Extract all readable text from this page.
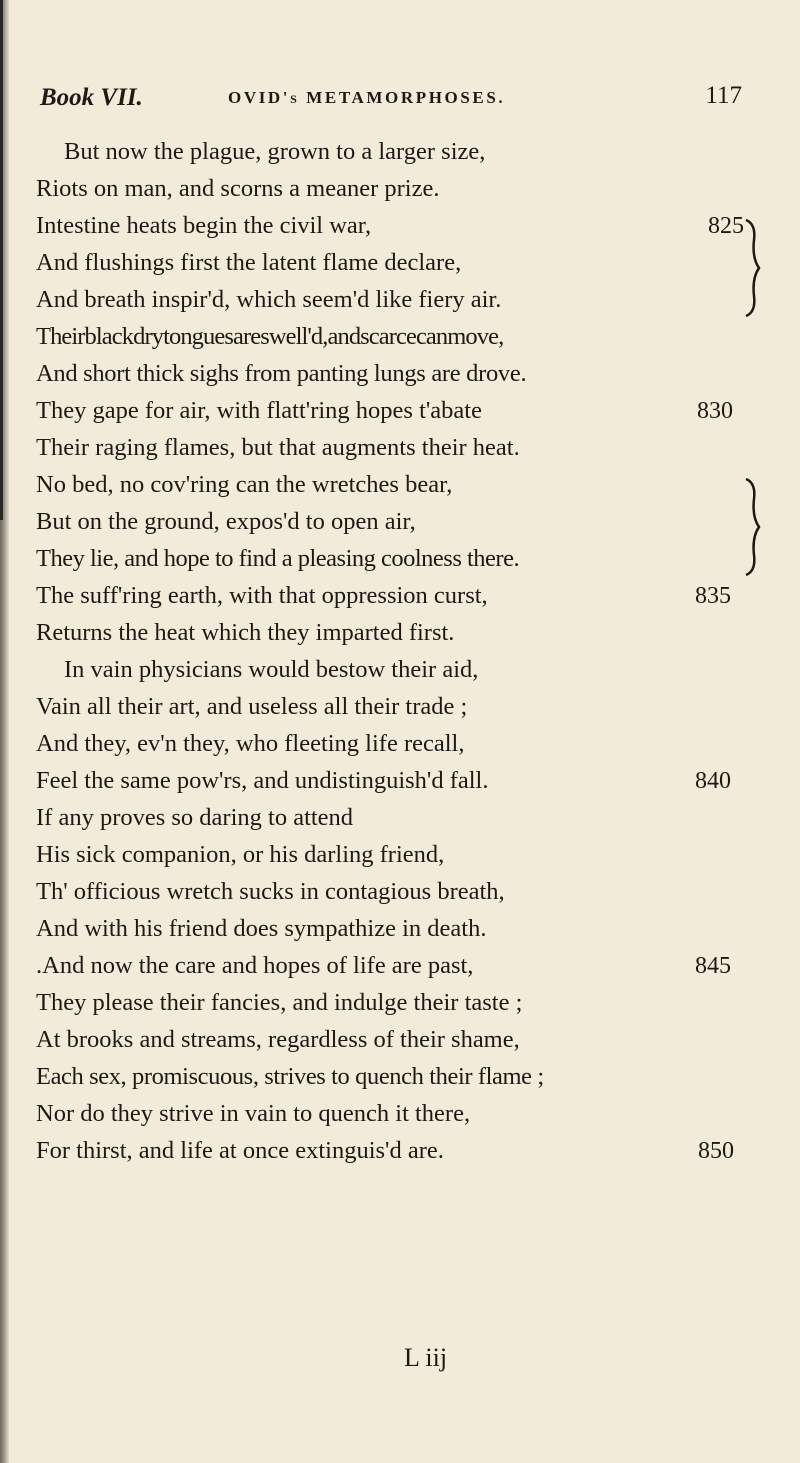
Book VII.	OVID's METAMORPHOSES.	117
But now the plague, grown to a larger size,
Riots on man, and scorns a meaner prize.
Intestine heats begin the civil war,
And flushings first the latent flame declare,
And breath inspir'd, which seem'd like fiery air.
Theirblackdrytonguesareswell'd,andscarcecanmove,
And short thick sighs from panting lungs are drove.
They gape for air, with flatt'ring hopes t'abate
Their raging flames, but that augments their heat.
No bed, no cov'ring can the wretches bear,
But on the ground, expos'd to open air,
They lie, and hope to find a pleasing coolness there.
The suff'ring earth, with that oppression curst,
Returns the heat which they imparted first.
In vain physicians would bestow their aid,
Vain all their art, and useless all their trade ;
And they, ev'n they, who fleeting life recall,
Feel the same pow'rs, and undistinguish'd fall.
If any proves so daring to attend
His sick companion, or his darling friend,
Th' officious wretch sucks in contagious breath,
And with his friend does sympathize in death.
.And now the care and hopes of life are past,
They please their fancies, and indulge their taste ;
At brooks and streams, regardless of their shame,
Each sex, promiscuous, strives to quench their flame ;
Nor do they strive in vain to quench it there,
For thirst, and life at once extinguis'd are.
825
830
835
840
845
850
L iij
